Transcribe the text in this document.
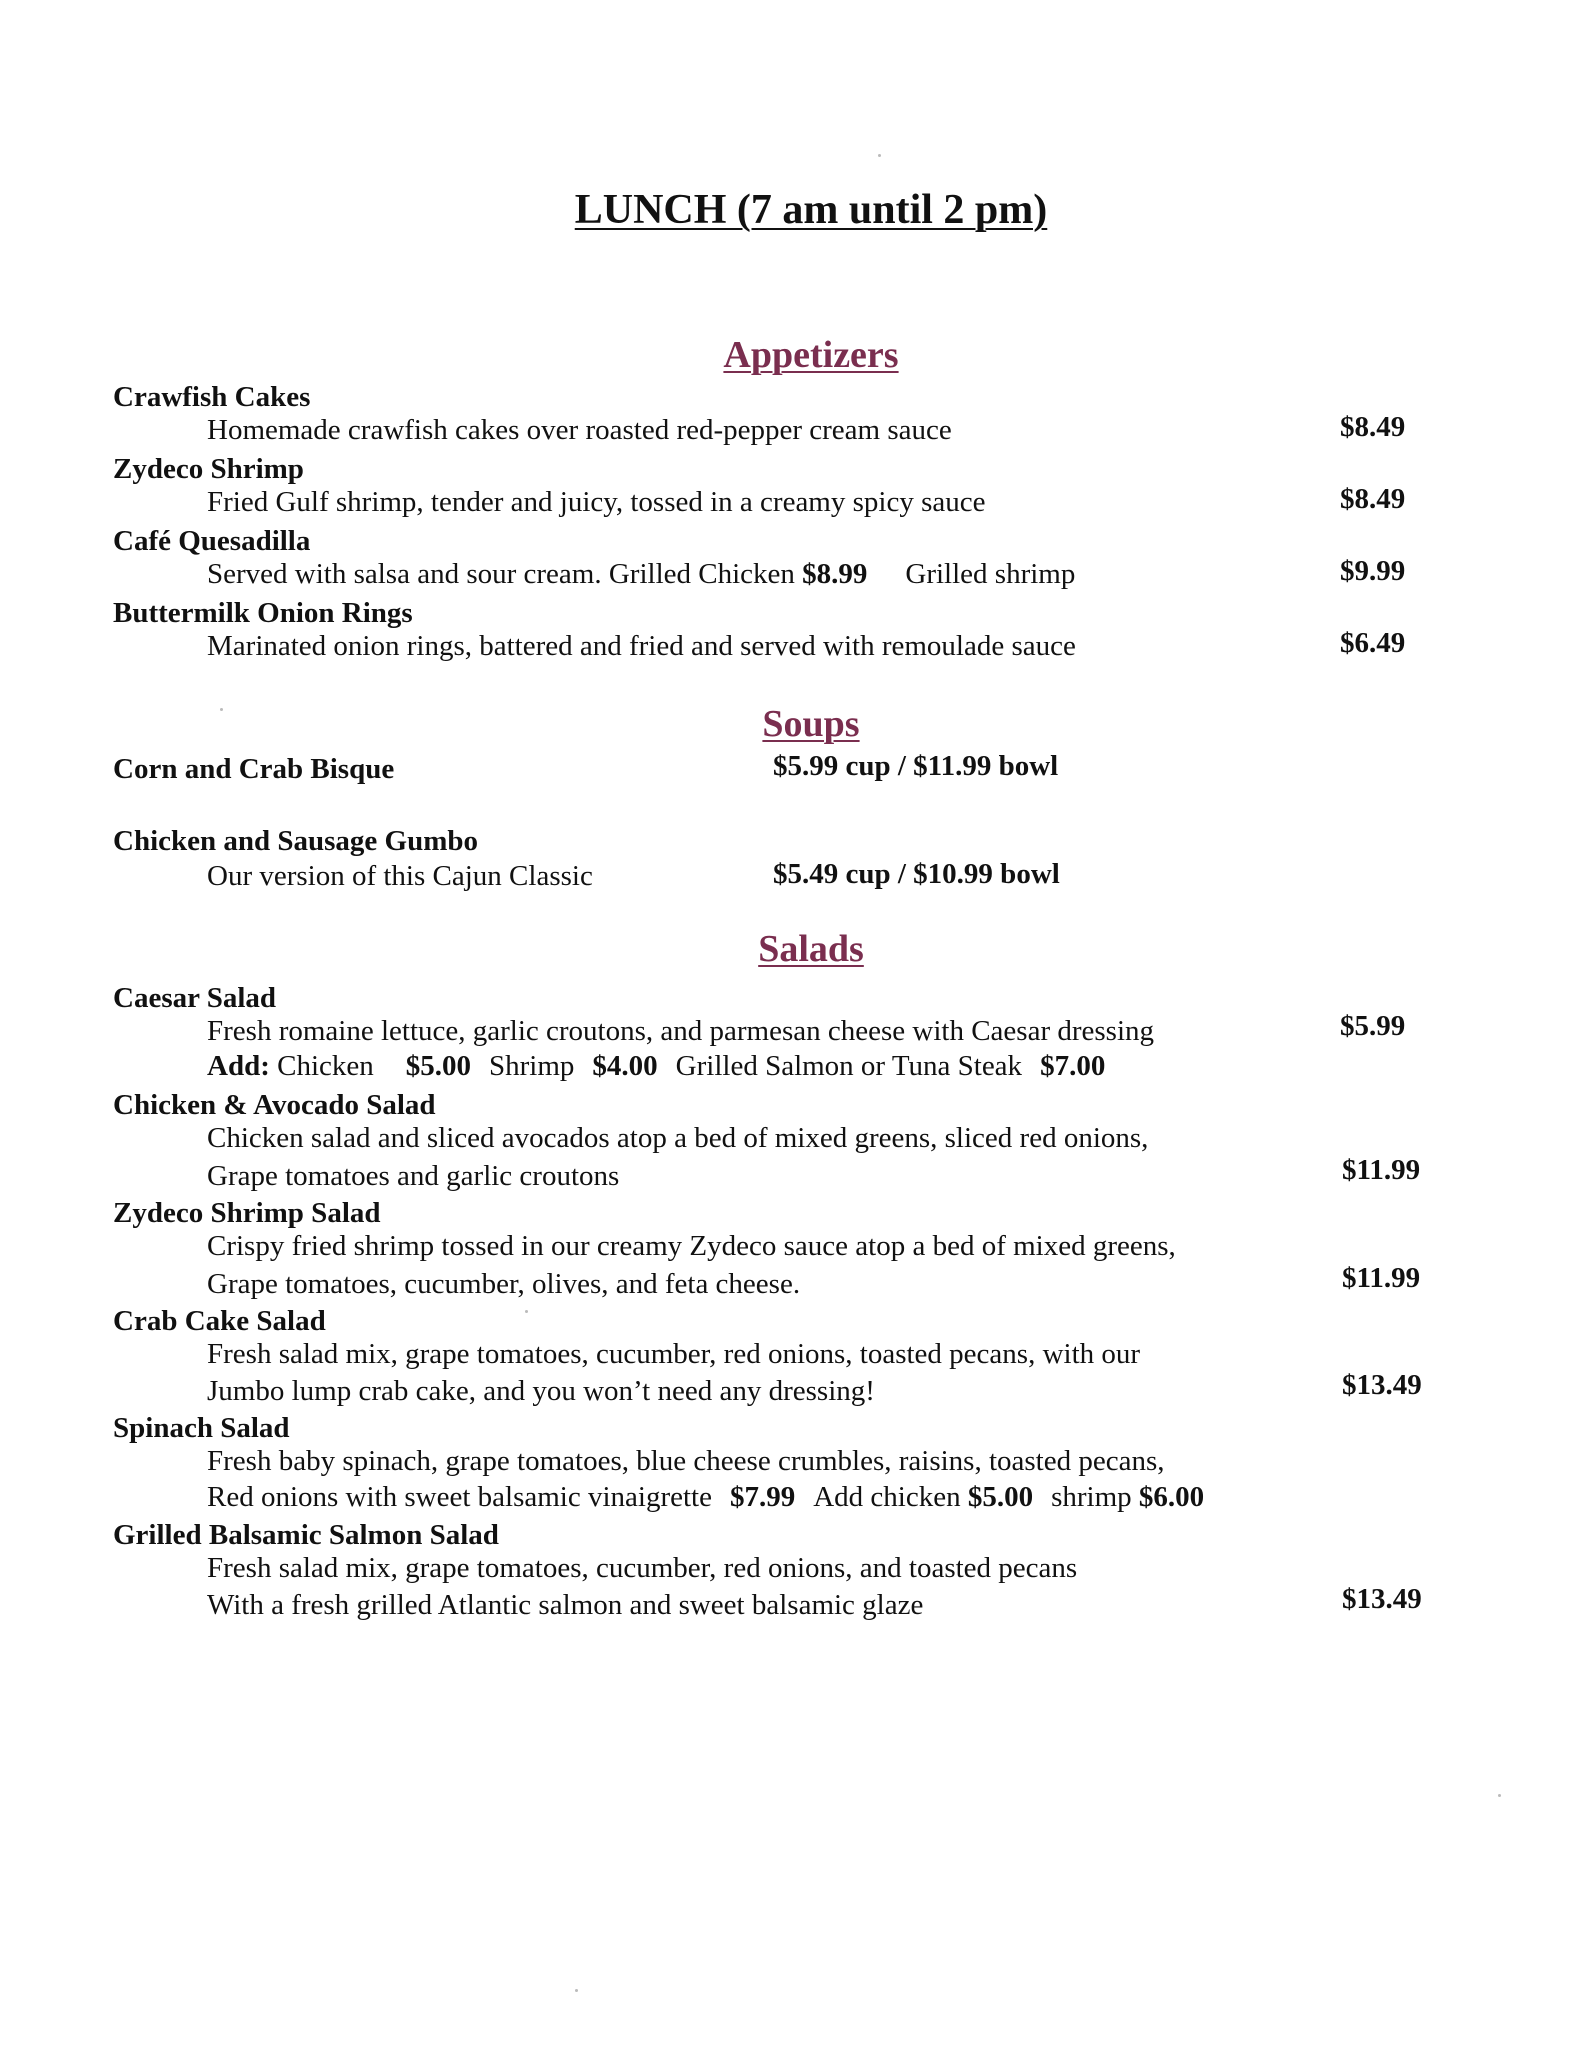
LUNCH (7 am until 2 pm)
Appetizers
Crawfish Cakes
Homemade crawfish cakes over roasted red-pepper cream sauce	$8.49
Zydeco Shrimp
Fried Gulf shrimp, tender and juicy, tossed in a creamy spicy sauce	$8.49
Café Quesadilla
Served with salsa and sour cream. Grilled Chicken $8.99 Grilled shrimp	$9.99
Buttermilk Onion Rings
Marinated onion rings, battered and fried and served with remoulade sauce	$6.49
Soups
Corn and Crab Bisque	$5.99 cup / $11.99 bowl
Chicken and Sausage Gumbo
Our version of this Cajun Classic	$5.49 cup / $10.99 bowl
Salads
Caesar Salad
Fresh romaine lettuce, garlic croutons, and parmesan cheese with Caesar dressing	$5.99
Add: Chicken $5.00 Shrimp $4.00 Grilled Salmon or Tuna Steak $7.00
Chicken & Avocado Salad
Chicken salad and sliced avocados atop a bed of mixed greens, sliced red onions,
Grape tomatoes and garlic croutons	$11.99
Zydeco Shrimp Salad
Crispy fried shrimp tossed in our creamy Zydeco sauce atop a bed of mixed greens,
Grape tomatoes, cucumber, olives, and feta cheese.	$11.99
Crab Cake Salad
Fresh salad mix, grape tomatoes, cucumber, red onions, toasted pecans, with our
Jumbo lump crab cake, and you won’t need any dressing!	$13.49
Spinach Salad
Fresh baby spinach, grape tomatoes, blue cheese crumbles, raisins, toasted pecans,
Red onions with sweet balsamic vinaigrette $7.99 Add chicken $5.00 shrimp $6.00
Grilled Balsamic Salmon Salad
Fresh salad mix, grape tomatoes, cucumber, red onions, and toasted pecans
With a fresh grilled Atlantic salmon and sweet balsamic glaze	$13.49
